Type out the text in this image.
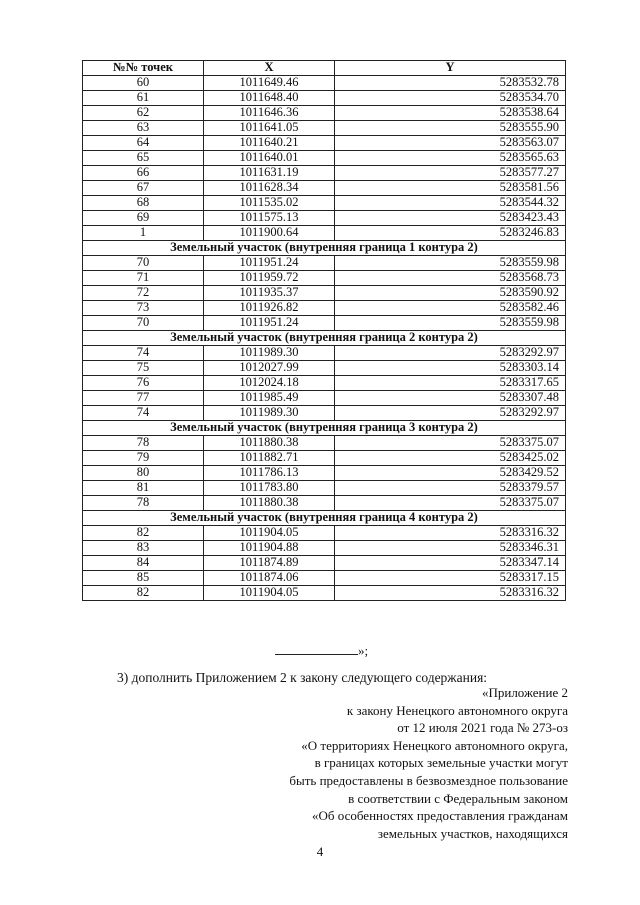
№№ точек	X	Y
60	1011649.46	5283532.78
61	1011648.40	5283534.70
62	1011646.36	5283538.64
63	1011641.05	5283555.90
64	1011640.21	5283563.07
65	1011640.01	5283565.63
66	1011631.19	5283577.27
67	1011628.34	5283581.56
68	1011535.02	5283544.32
69	1011575.13	5283423.43
1	1011900.64	5283246.83
Земельный участок (внутренняя граница 1 контура 2)		
70	1011951.24	5283559.98
71	1011959.72	5283568.73
72	1011935.37	5283590.92
73	1011926.82	5283582.46
70	1011951.24	5283559.98
Земельный участок (внутренняя граница 2 контура 2)		
74	1011989.30	5283292.97
75	1012027.99	5283303.14
76	1012024.18	5283317.65
77	1011985.49	5283307.48
74	1011989.30	5283292.97
Земельный участок (внутренняя граница 3 контура 2)		
78	1011880.38	5283375.07
79	1011882.71	5283425.02
80	1011786.13	5283429.52
81	1011783.80	5283379.57
78	1011880.38	5283375.07
Земельный участок (внутренняя граница 4 контура 2)		
82	1011904.05	5283316.32
83	1011904.88	5283346.31
84	1011874.89	5283347.14
85	1011874.06	5283317.15
82	1011904.05	5283316.32
»;
3) дополнить Приложением 2 к закону следующего содержания:
«Приложение 2
к закону Ненецкого автономного округа
от 12 июля 2021 года № 273-оз
«О территориях Ненецкого автономного округа,
в границах которых земельные участки могут
быть предоставлены в безвозмездное пользование
в соответствии с Федеральным законом
«Об особенностях предоставления гражданам
земельных участков, находящихся
4
